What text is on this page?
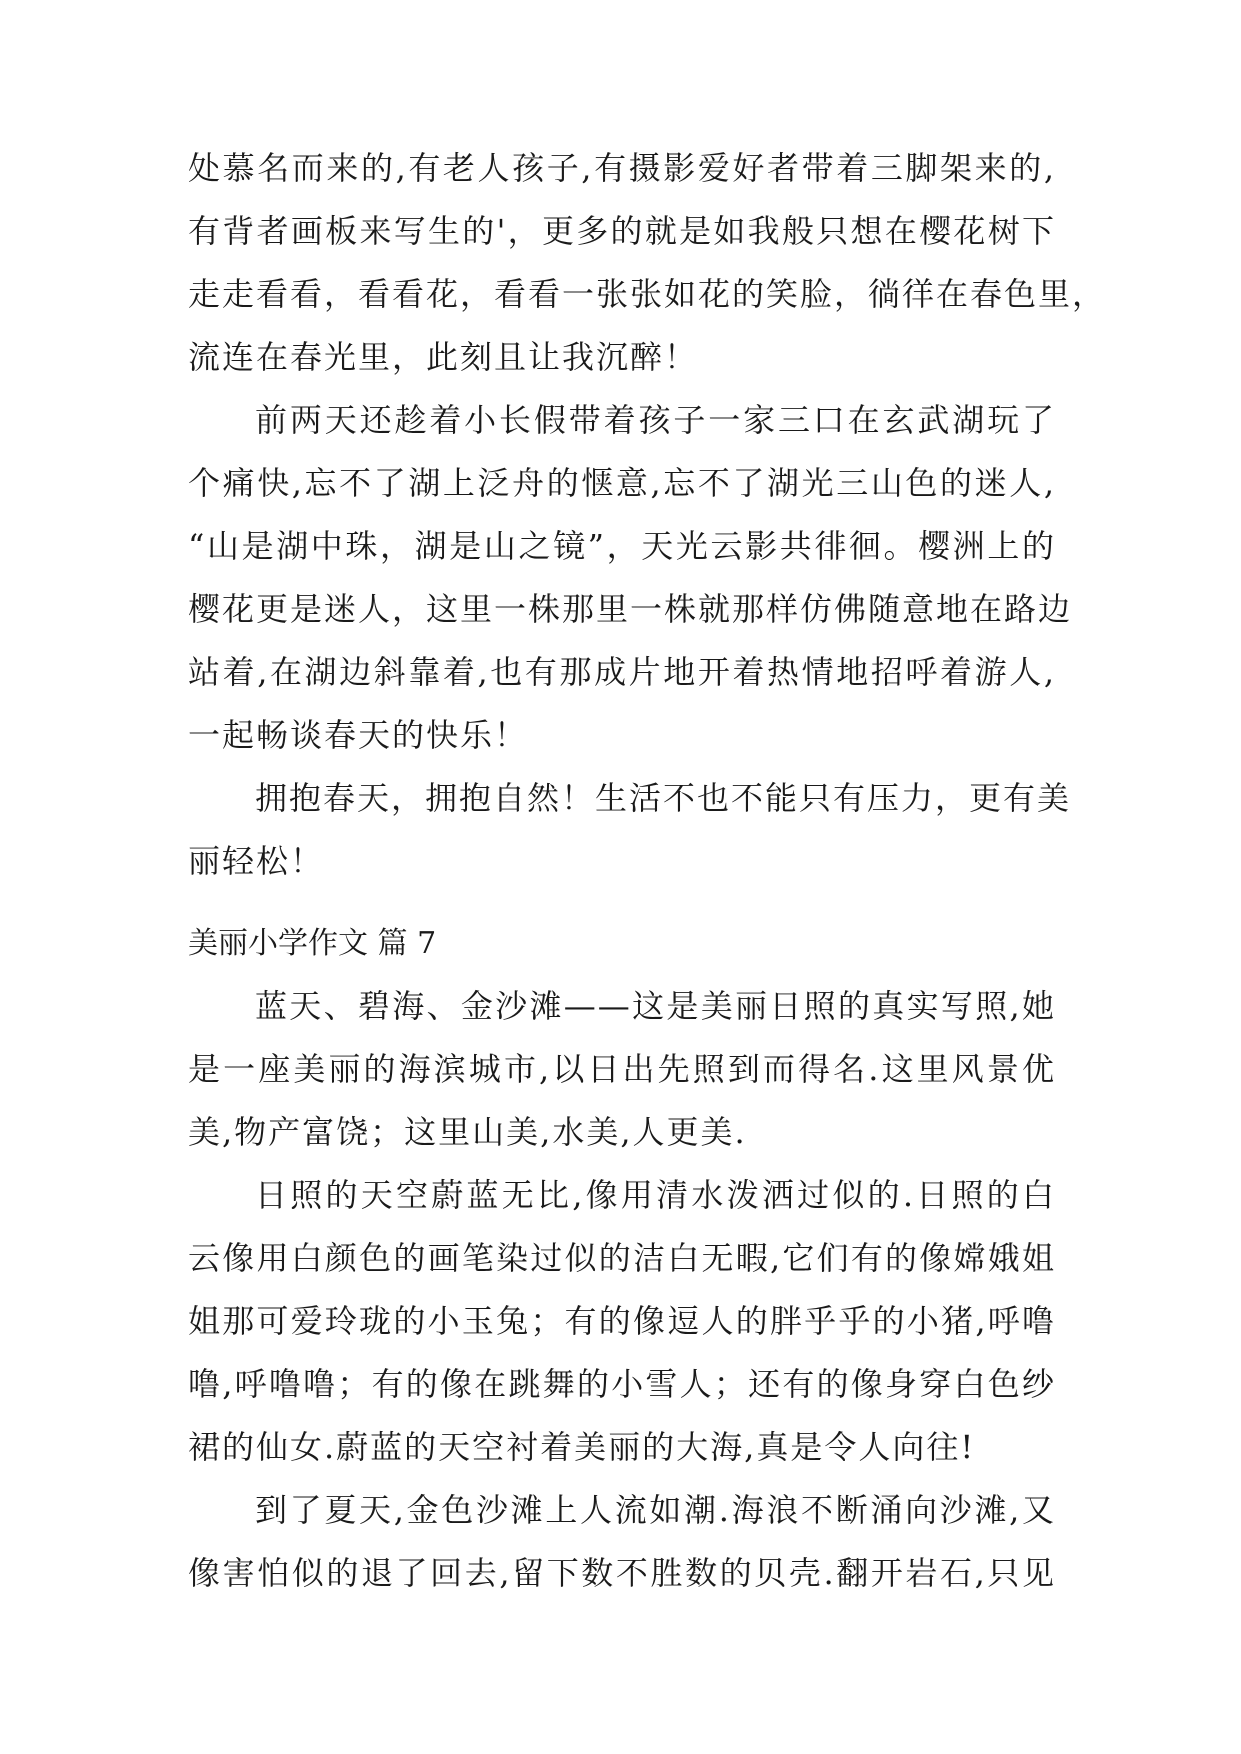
处慕名而来的,有老人孩子,有摄影爱好者带着三脚架来的,
有背者画板来写生的'，更多的就是如我般只想在樱花树下
走走看看，看看花，看看一张张如花的笑脸，徜徉在春色里，
流连在春光里，此刻且让我沉醉！
前两天还趁着小长假带着孩子一家三口在玄武湖玩了
个痛快,忘不了湖上泛舟的惬意,忘不了湖光三山色的迷人,
“山是湖中珠，湖是山之镜”，天光云影共徘徊。樱洲上的
樱花更是迷人，这里一株那里一株就那样仿佛随意地在路边
站着,在湖边斜靠着,也有那成片地开着热情地招呼着游人,
一起畅谈春天的快乐！
拥抱春天，拥抱自然！生活不也不能只有压力，更有美
丽轻松！
美丽小学作文 篇 7
蓝天、碧海、金沙滩——这是美丽日照的真实写照,她
是一座美丽的海滨城市,以日出先照到而得名.这里风景优
美,物产富饶；这里山美,水美,人更美.
日照的天空蔚蓝无比,像用清水泼洒过似的.日照的白
云像用白颜色的画笔染过似的洁白无暇,它们有的像嫦娥姐
姐那可爱玲珑的小玉兔；有的像逗人的胖乎乎的小猪,呼噜
噜,呼噜噜；有的像在跳舞的小雪人；还有的像身穿白色纱
裙的仙女.蔚蓝的天空衬着美丽的大海,真是令人向往!
到了夏天,金色沙滩上人流如潮.海浪不断涌向沙滩,又
像害怕似的退了回去,留下数不胜数的贝壳.翻开岩石,只见
